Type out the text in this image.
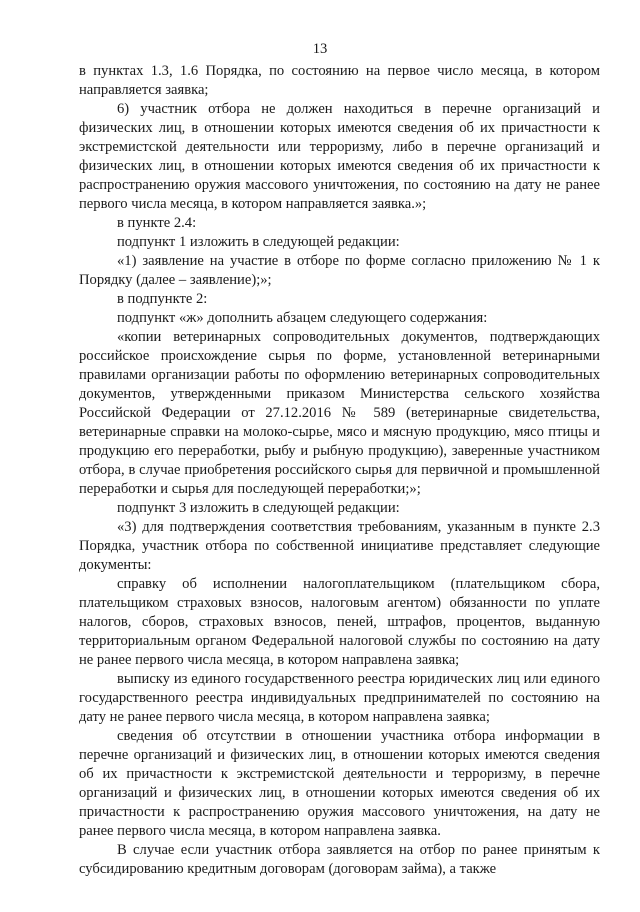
13

в пунктах 1.3, 1.6 Порядка, по состоянию на первое число месяца, в котором направляется заявка;

6) участник отбора не должен находиться в перечне организаций и физических лиц, в отношении которых имеются сведения об их причастности к экстремистской деятельности или терроризму, либо в перечне организаций и физических лиц, в отношении которых имеются сведения об их причастности к распространению оружия массового уничтожения, по состоянию на дату не ранее первого числа месяца, в котором направляется заявка.»;

в пункте 2.4:

подпункт 1 изложить в следующей редакции:

«1) заявление на участие в отборе по форме согласно приложению № 1 к Порядку (далее – заявление);»;

в подпункте 2:

подпункт «ж» дополнить абзацем следующего содержания:

«копии ветеринарных сопроводительных документов, подтверждающих российское происхождение сырья по форме, установленной ветеринарными правилами организации работы по оформлению ветеринарных сопроводительных документов, утвержденными приказом Министерства сельского хозяйства Российской Федерации от 27.12.2016 № 589 (ветеринарные свидетельства, ветеринарные справки на молоко-сырье, мясо и мясную продукцию, мясо птицы и продукцию его переработки, рыбу и рыбную продукцию), заверенные участником отбора, в случае приобретения российского сырья для первичной и промышленной переработки и сырья для последующей переработки;»;

подпункт 3 изложить в следующей редакции:

«3) для подтверждения соответствия требованиям, указанным в пункте 2.3 Порядка, участник отбора по собственной инициативе представляет следующие документы:

справку об исполнении налогоплательщиком (плательщиком сбора, плательщиком страховых взносов, налоговым агентом) обязанности по уплате налогов, сборов, страховых взносов, пеней, штрафов, процентов, выданную территориальным органом Федеральной налоговой службы по состоянию на дату не ранее первого числа месяца, в котором направлена заявка;

выписку из единого государственного реестра юридических лиц или единого государственного реестра индивидуальных предпринимателей по состоянию на дату не ранее первого числа месяца, в котором направлена заявка;

сведения об отсутствии в отношении участника отбора информации в перечне организаций и физических лиц, в отношении которых имеются сведения об их причастности к экстремистской деятельности и терроризму, в перечне организаций и физических лиц, в отношении которых имеются сведения об их причастности к распространению оружия массового уничтожения, на дату не ранее первого числа месяца, в котором направлена заявка.

В случае если участник отбора заявляется на отбор по ранее принятым к субсидированию кредитным договорам (договорам займа), а также
